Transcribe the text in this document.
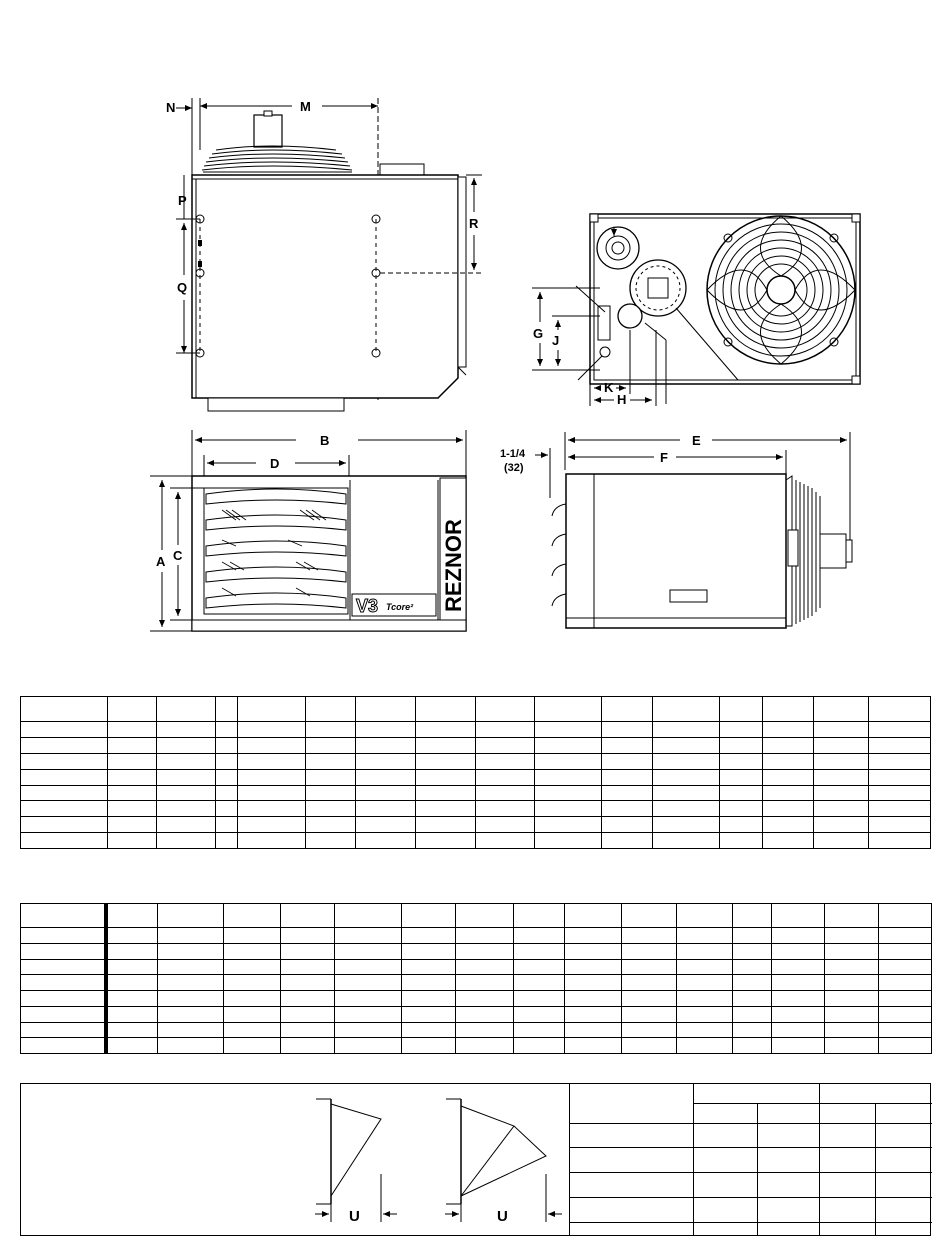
N	M
P
Q
R
G J
K
H
B
D
V3 Tcore² REZNOR
A C
E
F
1-1/4
(32)

U	U
